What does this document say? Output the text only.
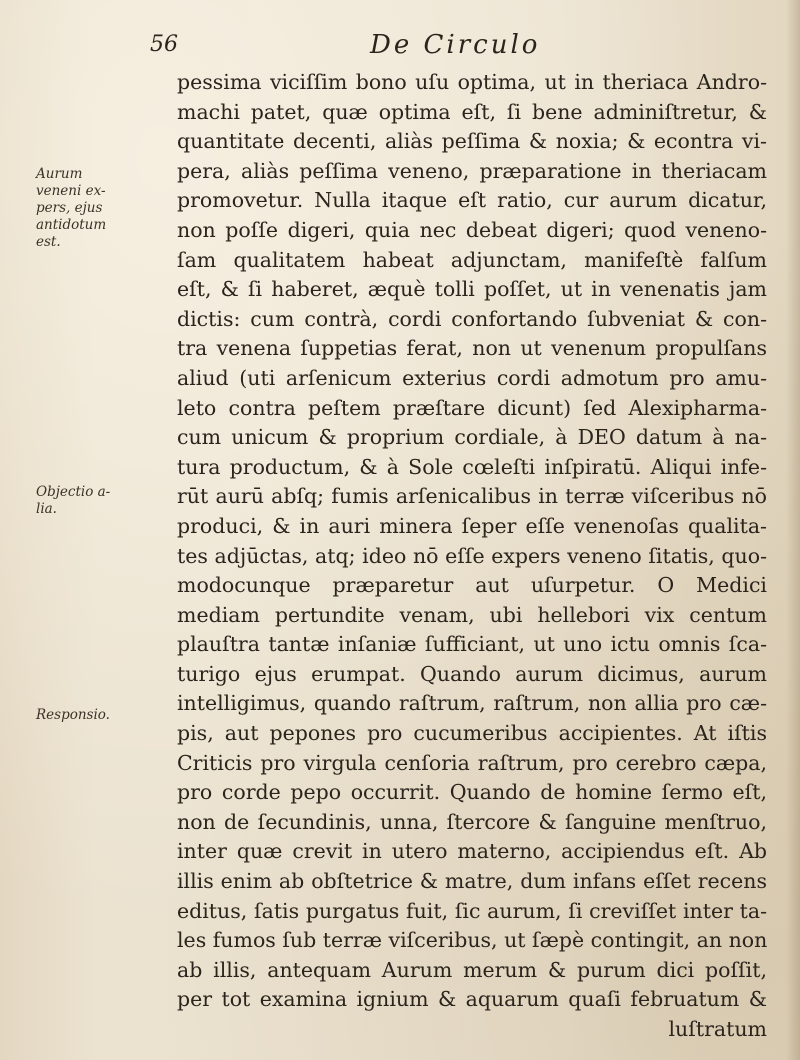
56	De Circulo
Aurum
veneni ex-
pers, ejus
antidotum
est.
Objectio a-
lia.
Responsio.
pessima viciſſim bono uſu optima, ut in theriaca Andro-
machi patet, quæ optima eſt, ſi bene adminiſtretur, &
quantitate decenti, aliàs peſſima & noxia; & econtra vi-
pera, aliàs peſſima veneno, præparatione in theriacam
promovetur. Nulla itaque eſt ratio, cur aurum dicatur,
non poſſe digeri, quia nec debeat digeri; quod veneno-
ſam qualitatem habeat adjunctam, manifeſtè falſum
eſt, & ſi haberet, æquè tolli poſſet, ut in venenatis jam
dictis: cum contrà, cordi confortando ſubveniat & con-
tra venena ſuppetias ferat, non ut venenum propulſans
aliud (uti arſenicum exterius cordi admotum pro amu-
leto contra peſtem præſtare dicunt) ſed Alexipharma-
cum unicum & proprium cordiale, à DEO datum à na-
tura productum, & à Sole cœleſti inſpiratū. Aliqui infe-
rūt aurū abſq; fumis arſenicalibus in terræ viſceribus nō
produci, & in auri minera ſeper eſſe venenoſas qualita-
tes adjūctas, atq; ideo nō eſſe expers veneno ſitatis, quo-
modocunque præparetur aut uſurpetur. O Medici
mediam pertundite venam, ubi hellebori vix centum
plauſtra tantæ inſaniæ ſufficiant, ut uno ictu omnis ſca-
turigo ejus erumpat. Quando aurum dicimus, aurum
intelligimus, quando raſtrum, raſtrum, non allia pro cæ-
pis, aut pepones pro cucumeribus accipientes. At iſtis
Criticis pro virgula cenſoria raſtrum, pro cerebro cæpa,
pro corde pepo occurrit. Quando de homine ſermo eſt,
non de ſecundinis, unna, ſtercore & ſanguine menſtruo,
inter quæ crevit in utero materno, accipiendus eſt. Ab
illis enim ab obſtetrice & matre, dum infans eſſet recens
editus, ſatis purgatus fuit, ſic aurum, ſi creviſſet inter ta-
les fumos ſub terræ viſceribus, ut ſæpè contingit, an non
ab illis, antequam Aurum merum & purum dici poſſit,
per tot examina ignium & aquarum quaſi februatum &
luſtratum
